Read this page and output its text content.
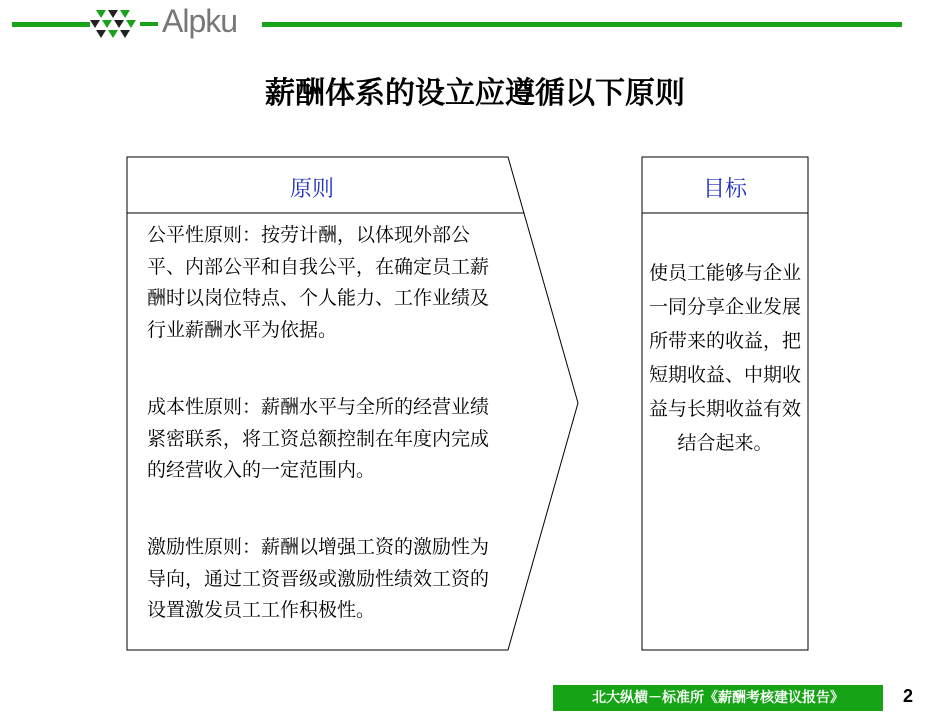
Alpku
薪酬体系的设立应遵循以下原则
原则	目标
公平性原则：按劳计酬，以体现外部公平、内部公平和自我公平，在确定员工薪酬时以岗位特点、个人能力、工作业绩及行业薪酬水平为依据。
成本性原则：薪酬水平与全所的经营业绩紧密联系，将工资总额控制在年度内完成的经营收入的一定范围内。
激励性原则：薪酬以增强工资的激励性为导向，通过工资晋级或激励性绩效工资的设置激发员工工作积极性。
使员工能够与企业一同分享企业发展所带来的收益，把短期收益、中期收益与长期收益有效结合起来。
北大纵横－标准所《薪酬考核建议报告》	2
